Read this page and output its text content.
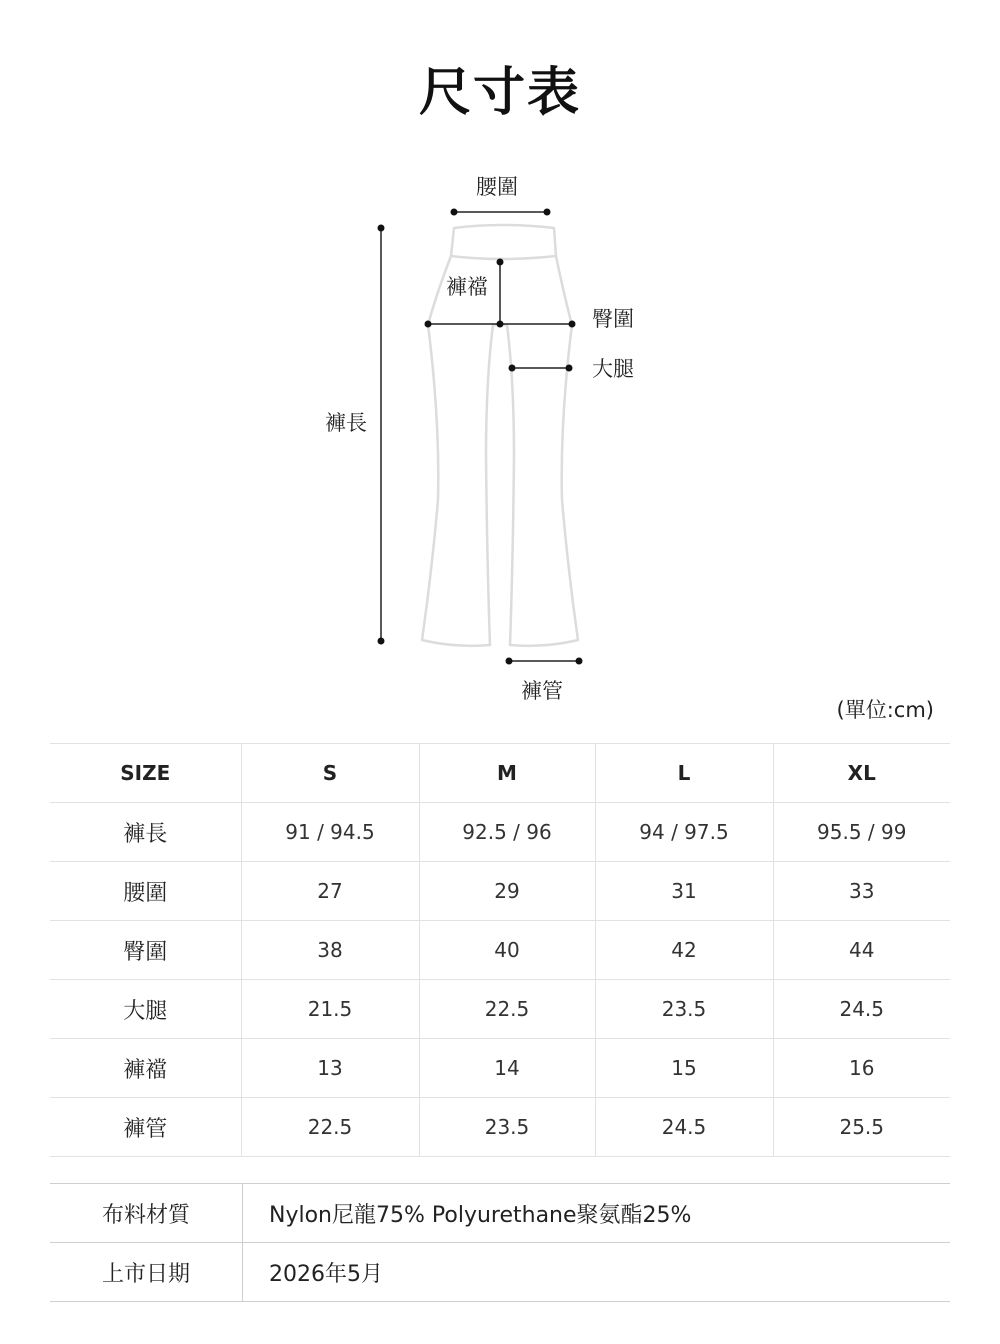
尺寸表
腰圍
褲襠
臀圍
大腿
褲長
褲管
(單位:cm)
SIZE	S	M	L	XL
褲長	91 / 94.5	92.5 / 96	94 / 97.5	95.5 / 99
腰圍	27	29	31	33
臀圍	38	40	42	44
大腿	21.5	22.5	23.5	24.5
褲襠	13	14	15	16
褲管	22.5	23.5	24.5	25.5
布料材質	Nylon尼龍75% Polyurethane聚氨酯25%
上市日期	2026年5月
